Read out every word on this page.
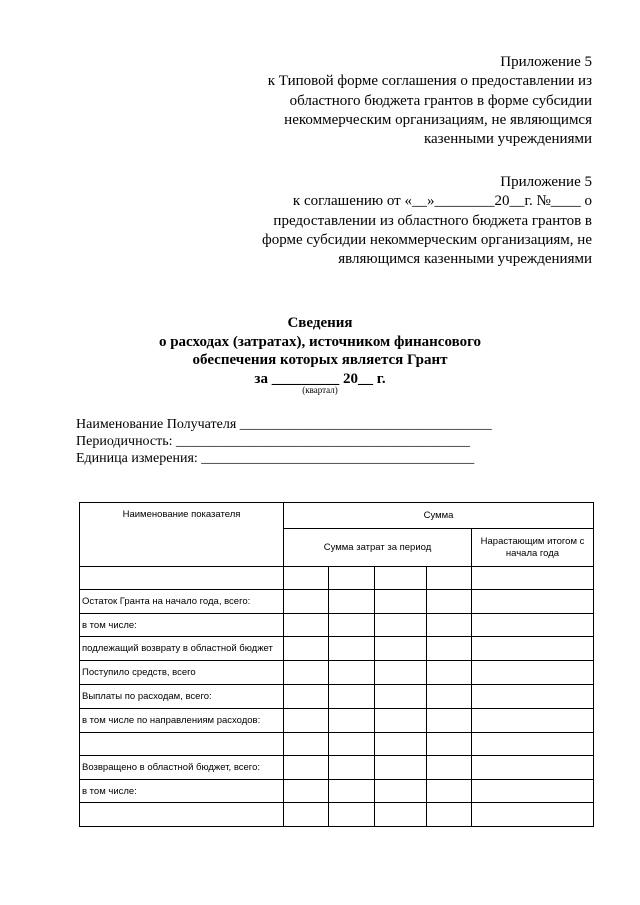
Приложение 5
к Типовой форме соглашения о предоставлении из
областного бюджета грантов в форме субсидии
некоммерческим организациям, не являющимся
казенными учреждениями
Приложение 5
к соглашению от «__»________20__г. №____ о
предоставлении из областного бюджета грантов в
форме субсидии некоммерческим организациям, не
являющимся казенными учреждениями
Сведения
о расходах (затратах), источником финансового
обеспечения которых является Грант
за _________ 20__ г.
(квартал)
Наименование Получателя ____________________________________
Периодичность: __________________________________________
Единица измерения: _______________________________________
Наименование показателя	Сумма				
	Сумма затрат за период				Нарастающим итогом с начала года

Остаток Гранта на начало года, всего:					
в том числе:					
подлежащий возврату в областной бюджет					
Поступило средств, всего					
Выплаты по расходам, всего:					
в том числе по направлениям расходов:					

Возвращено в областной бюджет, всего:					
в том числе:					
